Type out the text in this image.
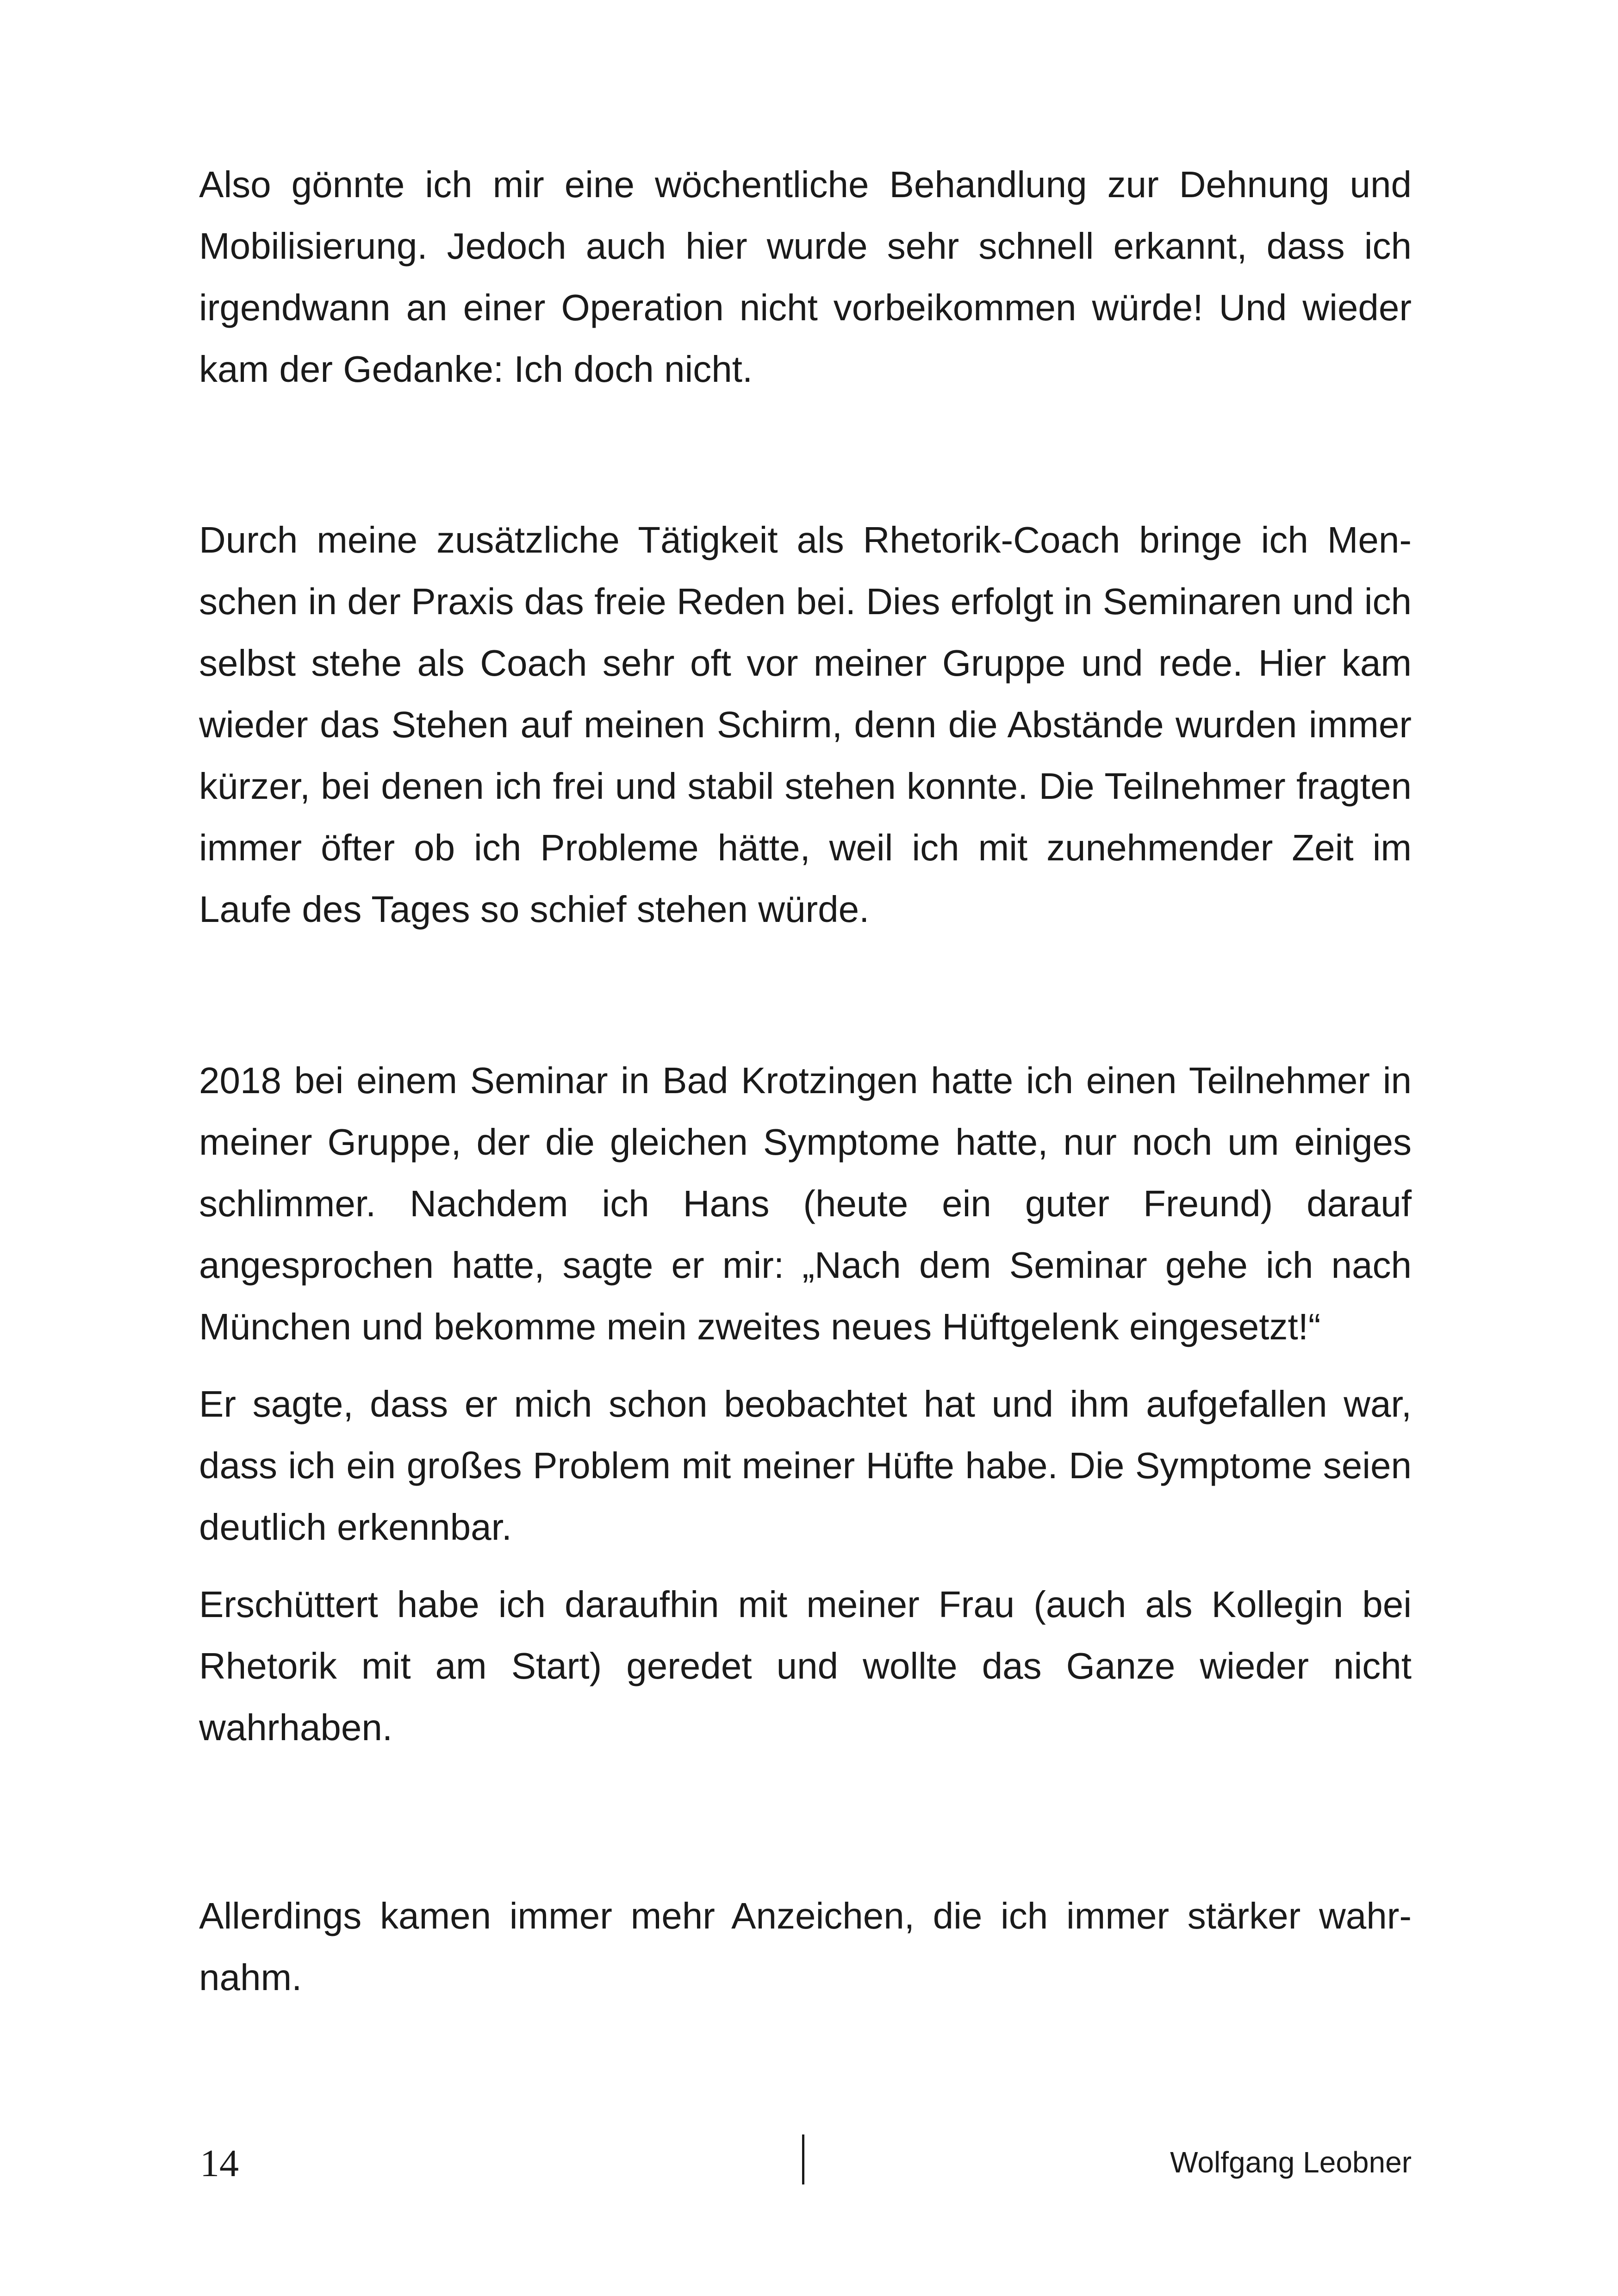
Also gönnte ich mir eine wöchentliche Behandlung zur Dehnung und Mobilisierung. Jedoch auch hier wurde sehr schnell erkannt, dass ich irgendwann an einer Operation nicht vorbeikommen würde! Und wieder kam der Gedanke: Ich doch nicht.

Durch meine zusätzliche Tätigkeit als Rhetorik-Coach bringe ich Menschen in der Praxis das freie Reden bei. Dies erfolgt in Seminaren und ich selbst stehe als Coach sehr oft vor meiner Gruppe und rede. Hier kam wieder das Stehen auf meinen Schirm, denn die Abstände wurden immer kürzer, bei denen ich frei und stabil stehen konnte. Die Teilnehmer fragten immer öfter ob ich Probleme hätte, weil ich mit zunehmender Zeit im Laufe des Tages so schief stehen würde.

2018 bei einem Seminar in Bad Krotzingen hatte ich einen Teilnehmer in meiner Gruppe, der die gleichen Symptome hatte, nur noch um einiges schlimmer. Nachdem ich Hans (heute ein guter Freund) darauf angesprochen hatte, sagte er mir: „Nach dem Seminar gehe ich nach München und bekomme mein zweites neues Hüftgelenk eingesetzt!“

Er sagte, dass er mich schon beobachtet hat und ihm aufgefallen war, dass ich ein großes Problem mit meiner Hüfte habe. Die Symptome seien deutlich erkennbar.

Erschüttert habe ich daraufhin mit meiner Frau (auch als Kollegin bei Rhetorik mit am Start) geredet und wollte das Ganze wieder nicht wahrhaben.

Allerdings kamen immer mehr Anzeichen, die ich immer stärker wahrnahm.

14	Wolfgang Leobner
